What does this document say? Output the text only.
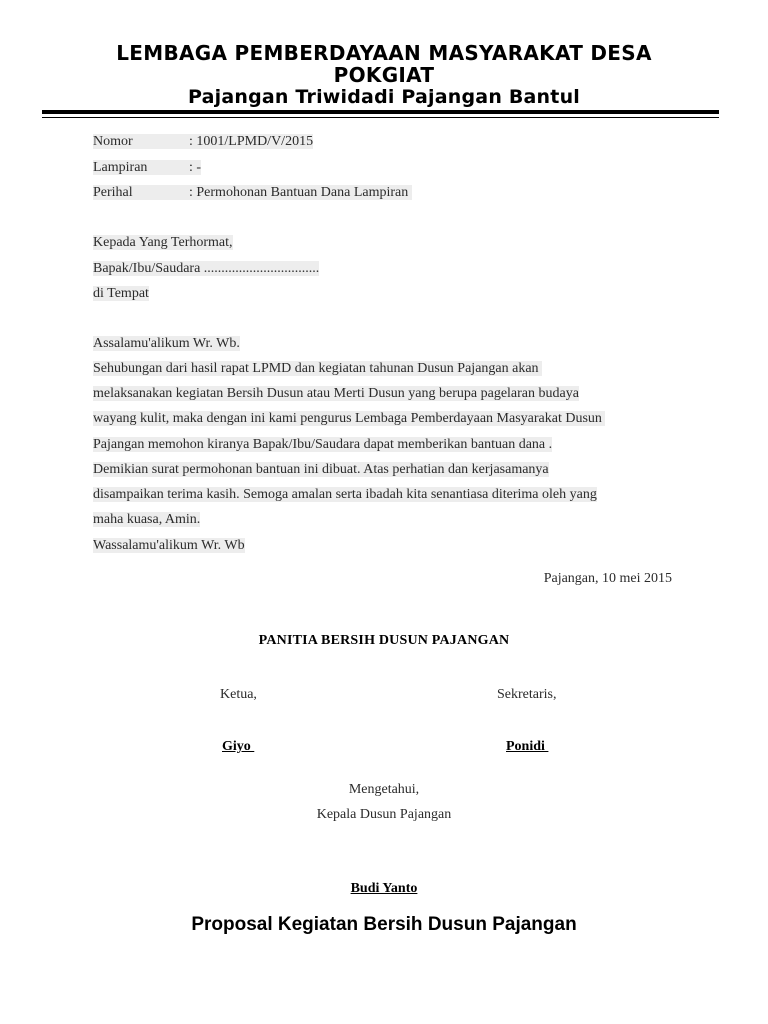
LEMBAGA PEMBERDAYAAN MASYARAKAT DESA
POKGIAT
Pajangan Triwidadi Pajangan Bantul
Nomor	: 1001/LPMD/V/2015
Lampiran	: -
Perihal	: Permohonan Bantuan Dana Lampiran
Kepada Yang Terhormat,
Bapak/Ibu/Saudara .................................
di Tempat
Assalamu'alikum Wr. Wb.
Sehubungan dari hasil rapat LPMD dan kegiatan tahunan Dusun Pajangan akan
melaksanakan kegiatan Bersih Dusun atau Merti Dusun yang berupa pagelaran budaya
wayang kulit, maka dengan ini kami pengurus Lembaga Pemberdayaan Masyarakat Dusun
Pajangan memohon kiranya Bapak/Ibu/Saudara dapat memberikan bantuan dana .
Demikian surat permohonan bantuan ini dibuat. Atas perhatian dan kerjasamanya
disampaikan terima kasih. Semoga amalan serta ibadah kita senantiasa diterima oleh yang
maha kuasa, Amin.
Wassalamu'alikum Wr. Wb
Pajangan, 10 mei 2015
PANITIA BERSIH DUSUN PAJANGAN
Ketua,	Sekretaris,
Giyo	Ponidi
Mengetahui,
Kepala Dusun Pajangan
Budi Yanto
Proposal Kegiatan Bersih Dusun Pajangan
